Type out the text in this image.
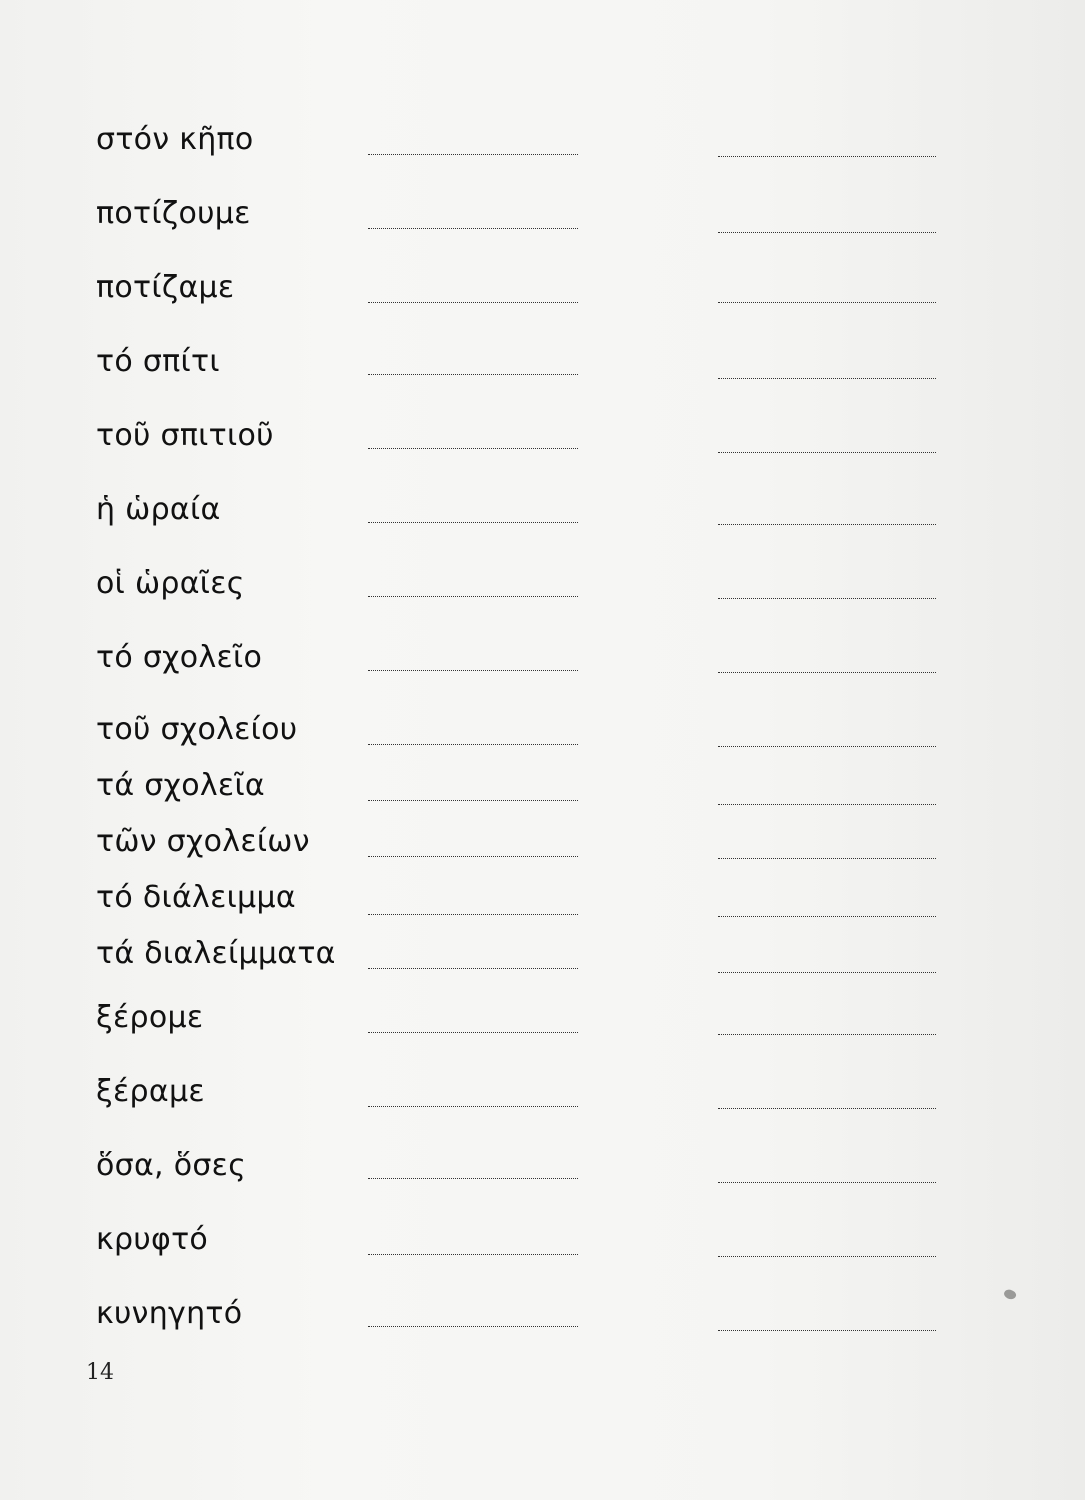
στόν κῆπο
ποτίζουμε
ποτίζαμε
τό σπίτι
τοῦ σπιτιοῦ
ἡ ὡραία
οἱ ὡραῖες
τό σχολεῖο
τοῦ σχολείου
τά σχολεῖα
τῶν σχολείων
τό διάλειμμα
τά διαλείμματα
ξέρομε
ξέραμε
ὅσα, ὅσες
κρυφτό
κυνηγητό
14
